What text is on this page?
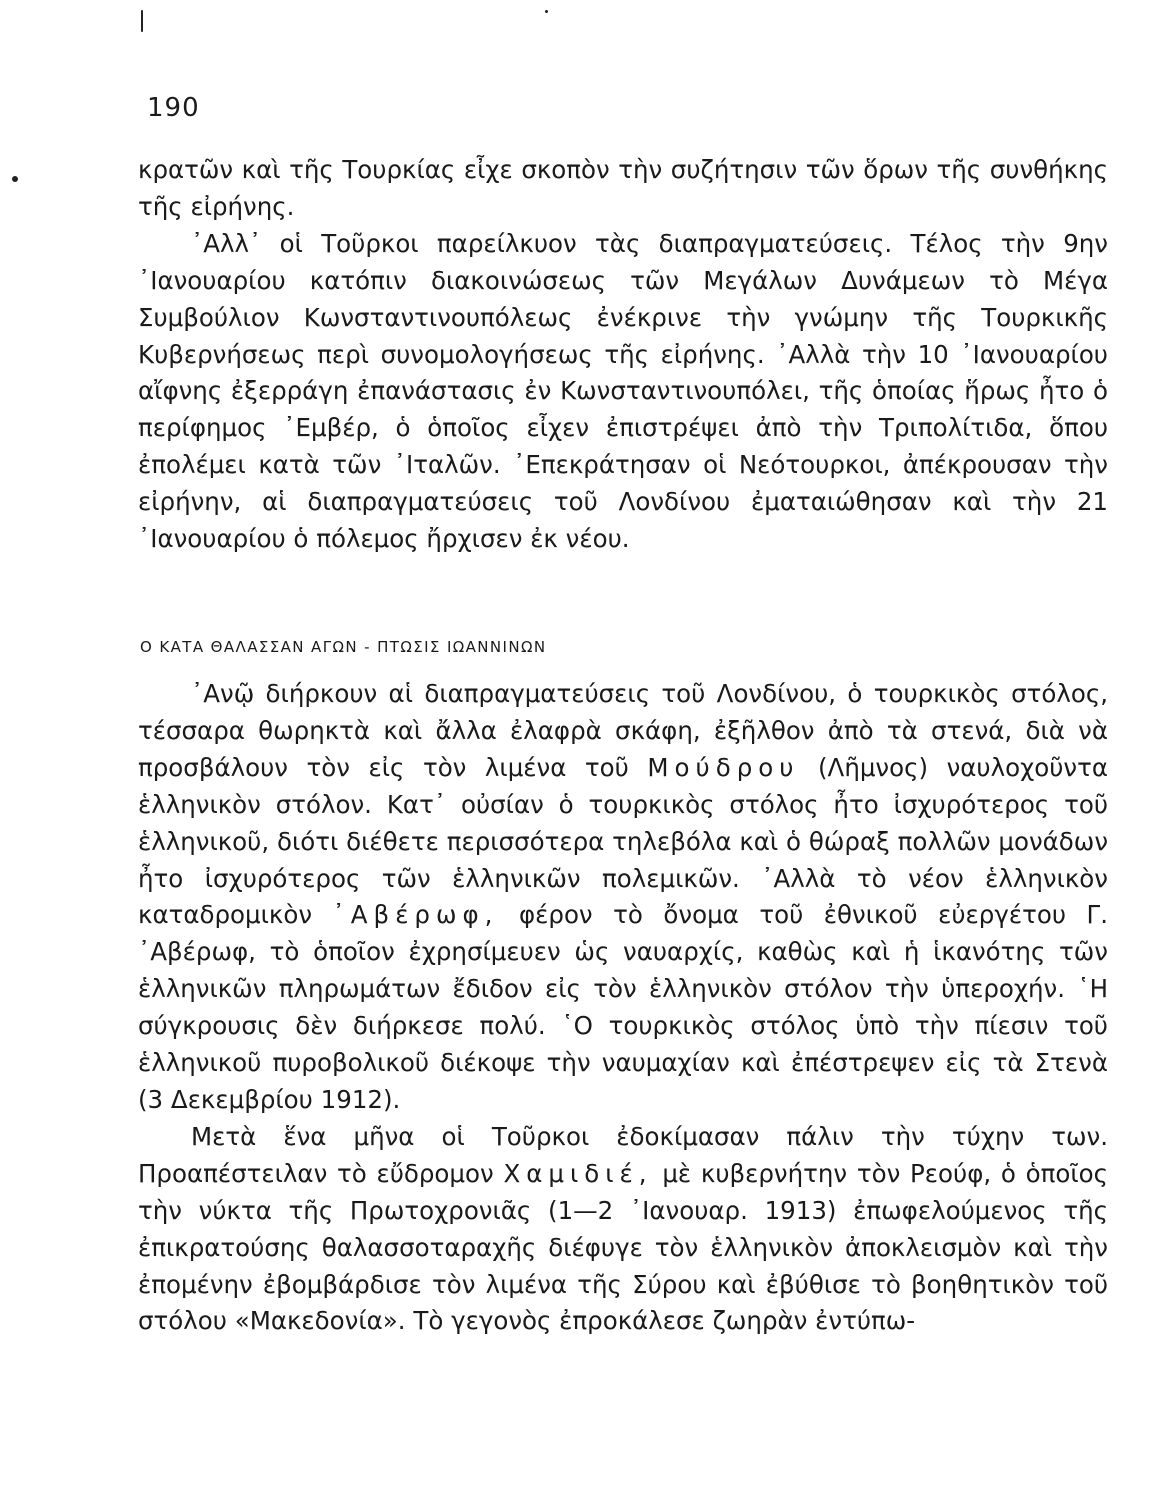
190

κρατῶν καὶ τῆς Τουρκίας εἶχε σκοπὸν τὴν συζήτησιν τῶν ὅρων τῆς συνθήκης τῆς εἰρήνης.

᾿Αλλ᾿ οἱ Τοῦρκοι παρείλκυον τὰς διαπραγματεύσεις. Τέλος τὴν 9ην ᾿Ιανουαρίου κατόπιν διακοινώσεως τῶν Μεγάλων Δυνάμεων τὸ Μέγα Συμβούλιον Κωνσταντινουπόλεως ἐνέκρινε τὴν γνώμην τῆς Τουρκικῆς Κυβερνήσεως περὶ συνομολογήσεως τῆς εἰρήνης. ᾿Αλλὰ τὴν 10 ᾿Ιανουαρίου αἴφνης ἐξερράγη ἐπανάστασις ἐν Κωνσταντινουπόλει, τῆς ὁποίας ἥρως ἦτο ὁ περίφημος ᾿Εμβέρ, ὁ ὁποῖος εἶχεν ἐπιστρέψει ἀπὸ τὴν Τριπολίτιδα, ὅπου ἐπολέμει κατὰ τῶν ᾿Ιταλῶν. ᾿Επεκράτησαν οἱ Νεότουρκοι, ἀπέκρουσαν τὴν εἰρήνην, αἱ διαπραγματεύσεις τοῦ Λονδίνου ἐματαιώθησαν καὶ τὴν 21 ᾿Ιανουαρίου ὁ πόλεμος ἤρχισεν ἐκ νέου.

Ο ΚΑΤΑ ΘΑΛΑΣΣΑΝ ΑΓΩΝ - ΠΤΩΣΙΣ ΙΩΑΝΝΙΝΩΝ

᾿Ανῷ διήρκουν αἱ διαπραγματεύσεις τοῦ Λονδίνου, ὁ τουρκικὸς στόλος, τέσσαρα θωρηκτὰ καὶ ἄλλα ἐλαφρὰ σκάφη, ἐξῆλθον ἀπὸ τὰ στενά, διὰ νὰ προσβάλουν τὸν εἰς τὸν λιμένα τοῦ Μούδρου (Λῆμνος) ναυλοχοῦντα ἑλληνικὸν στόλον. Κατ᾿ οὐσίαν ὁ τουρκικὸς στόλος ἦτο ἰσχυρότερος τοῦ ἑλληνικοῦ, διότι διέθετε περισσότερα τηλεβόλα καὶ ὁ θώραξ πολλῶν μονάδων ἦτο ἰσχυρότερος τῶν ἑλληνικῶν πολεμικῶν. ᾿Αλλὰ τὸ νέον ἑλληνικὸν καταδρομικὸν ᾿Αβέρωφ, φέρον τὸ ὄνομα τοῦ ἐθνικοῦ εὐεργέτου Γ. ᾿Αβέρωφ, τὸ ὁποῖον ἐχρησίμευεν ὡς ναυαρχίς, καθὼς καὶ ἡ ἱκανότης τῶν ἑλληνικῶν πληρωμάτων ἔδιδον εἰς τὸν ἑλληνικὸν στόλον τὴν ὑπεροχήν. ῾Η σύγκρουσις δὲν διήρκεσε πολύ. ῾Ο τουρκικὸς στόλος ὑπὸ τὴν πίεσιν τοῦ ἑλληνικοῦ πυροβολικοῦ διέκοψε τὴν ναυμαχίαν καὶ ἐπέστρεψεν εἰς τὰ Στενὰ (3 Δεκεμβρίου 1912).

Μετὰ ἕνα μῆνα οἱ Τοῦρκοι ἐδοκίμασαν πάλιν τὴν τύχην των. Προαπέστειλαν τὸ εὔδρομον Χαμιδιέ, μὲ κυβερνήτην τὸν Ρεούφ, ὁ ὁποῖος τὴν νύκτα τῆς Πρωτοχρονιᾶς (1—2 ᾿Ιανουαρ. 1913) ἐπωφελούμενος τῆς ἐπικρατούσης θαλασσοταραχῆς διέφυγε τὸν ἑλληνικὸν ἀποκλεισμὸν καὶ τὴν ἐπομένην ἐβομβάρδισε τὸν λιμένα τῆς Σύρου καὶ ἐβύθισε τὸ βοηθητικὸν τοῦ στόλου «Μακεδονία». Τὸ γεγονὸς ἐπροκάλεσε ζωηρὰν ἐντύπω-
